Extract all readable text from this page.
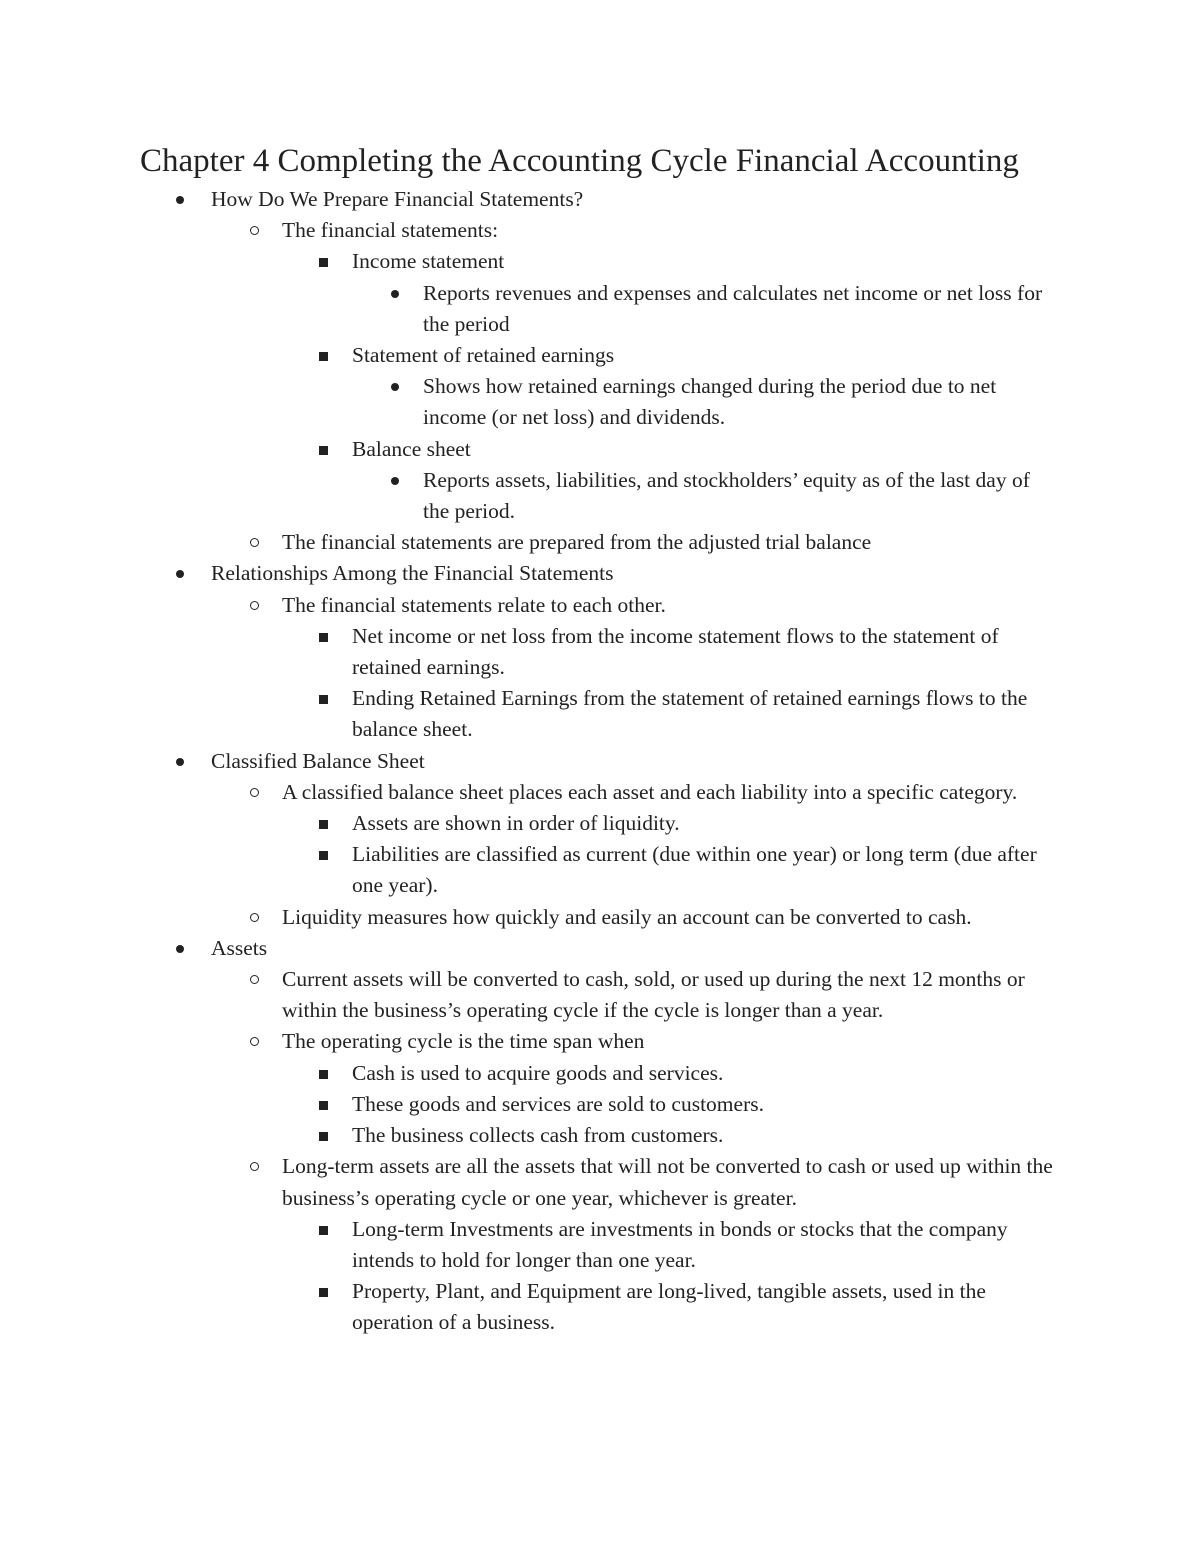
Chapter 4 Completing the Accounting Cycle Financial Accounting
How Do We Prepare Financial Statements?
The financial statements:
Income statement
Reports revenues and expenses and calculates net income or net loss for the period
Statement of retained earnings
Shows how retained earnings changed during the period due to net income (or net loss) and dividends.
Balance sheet
Reports assets, liabilities, and stockholders’ equity as of the last day of the period.
The financial statements are prepared from the adjusted trial balance
Relationships Among the Financial Statements
The financial statements relate to each other.
Net income or net loss from the income statement flows to the statement of retained earnings.
Ending Retained Earnings from the statement of retained earnings flows to the balance sheet.
Classified Balance Sheet
A classified balance sheet places each asset and each liability into a specific category.
Assets are shown in order of liquidity.
Liabilities are classified as current (due within one year) or long term (due after one year).
Liquidity measures how quickly and easily an account can be converted to cash.
Assets
Current assets will be converted to cash, sold, or used up during the next 12 months or within the business’s operating cycle if the cycle is longer than a year.
The operating cycle is the time span when
Cash is used to acquire goods and services.
These goods and services are sold to customers.
The business collects cash from customers.
Long-term assets are all the assets that will not be converted to cash or used up within the business’s operating cycle or one year, whichever is greater.
Long-term Investments are investments in bonds or stocks that the company intends to hold for longer than one year.
Property, Plant, and Equipment are long-lived, tangible assets, used in the operation of a business.
